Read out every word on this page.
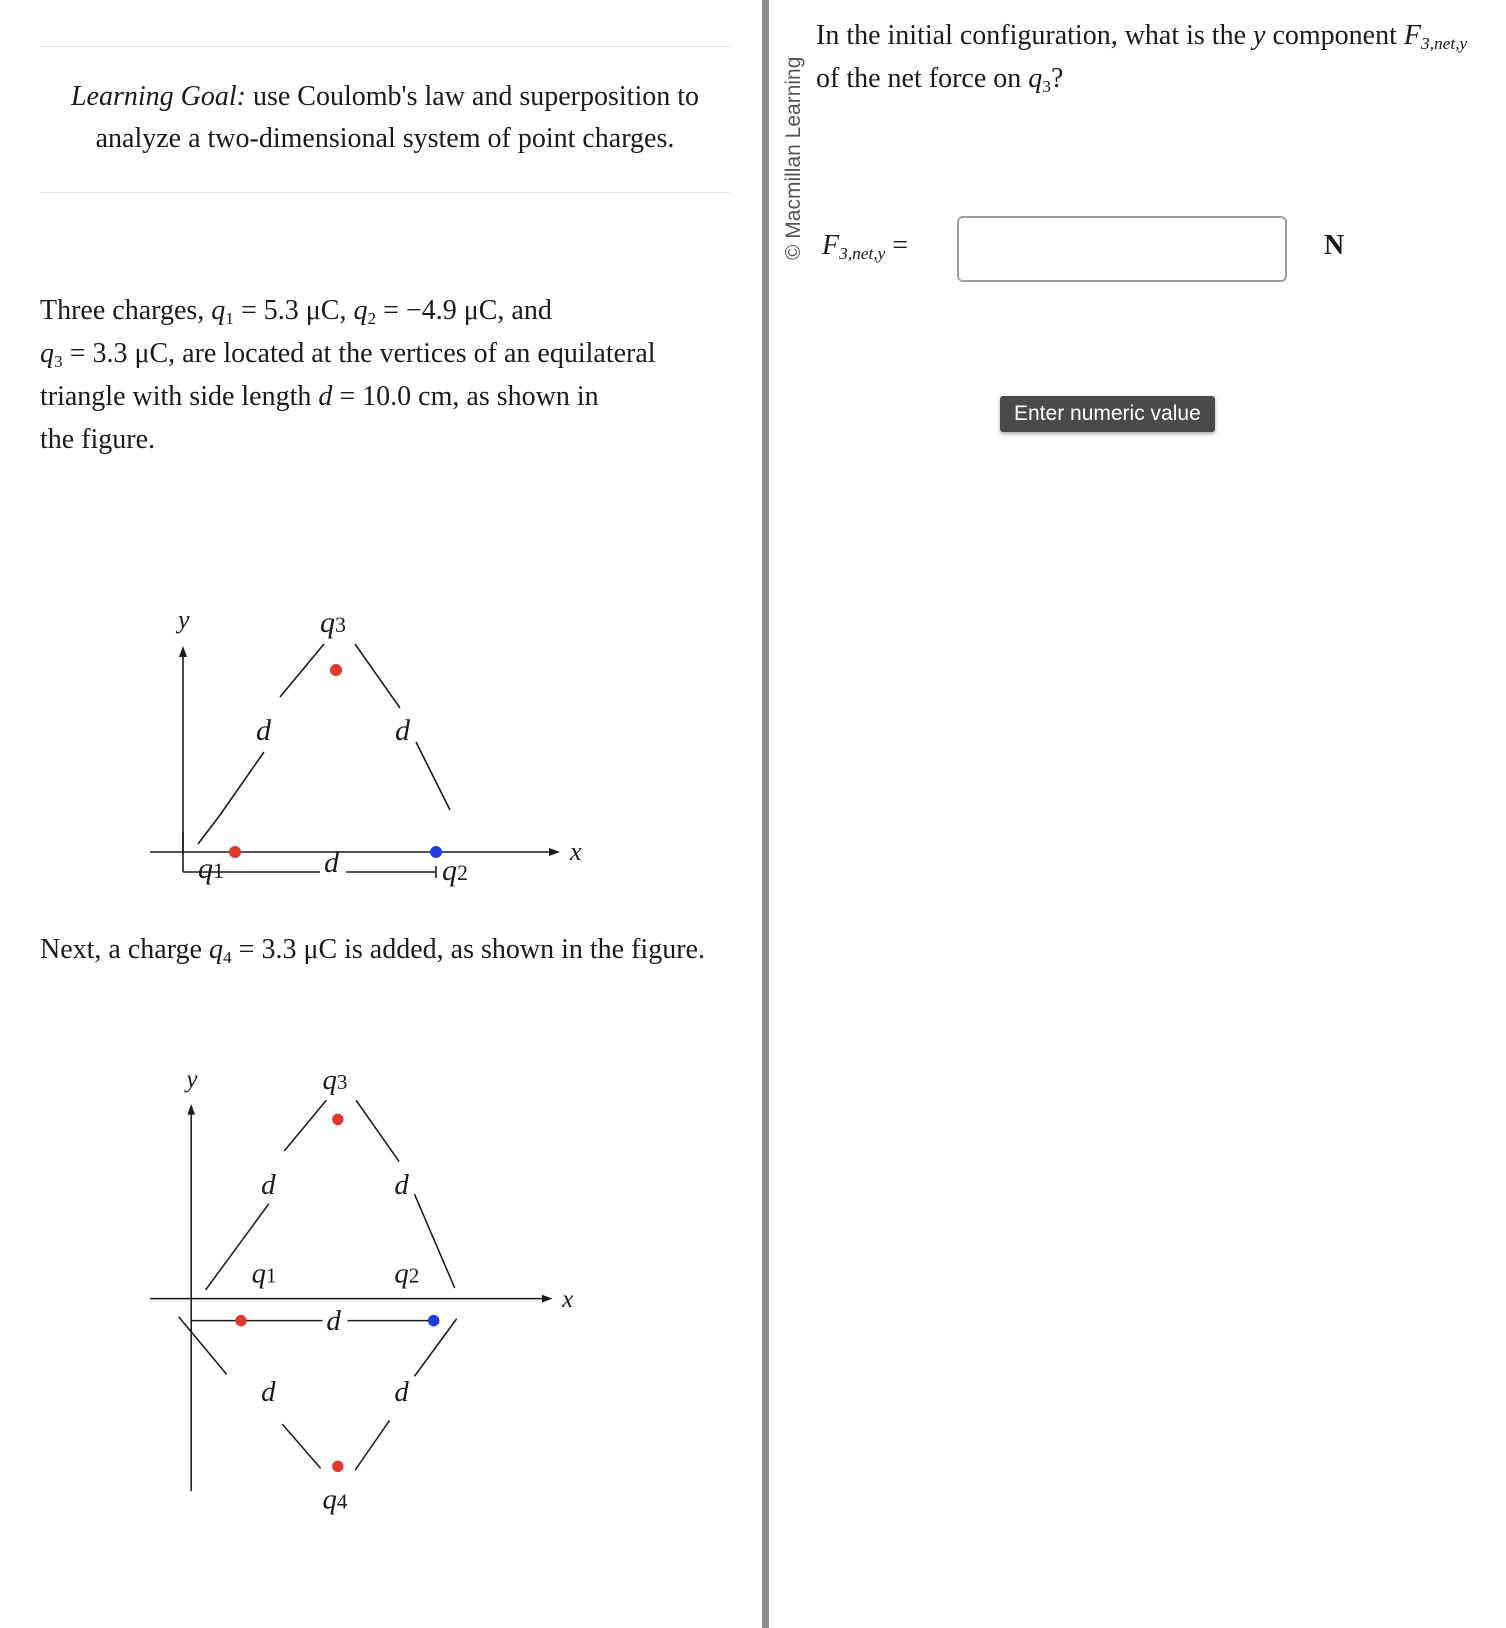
Learning Goal: use Coulomb's law and superposition to analyze a two-dimensional system of point charges.
Three charges, $q_1 = 5.3$ μC, $q_2 = -4.9$ μC, and
$q_3 = 3.3$ μC, are located at the vertices of an equilateral
triangle with side length d = 10.0 cm, as shown in
the figure.
y
x
d	d
d
q3
q1	q2
Next, a charge $q_4 = 3.3$ μC is added, as shown in the figure.
y
x
d	d
d
d	d
q3
q1	q2
q4
© Macmillan Learning
In the initial configuration, what is the y component $F_{3,net,y}$
of the net force on $q_3$?
$F_{3,net,y}$ =	N
Enter numeric value
